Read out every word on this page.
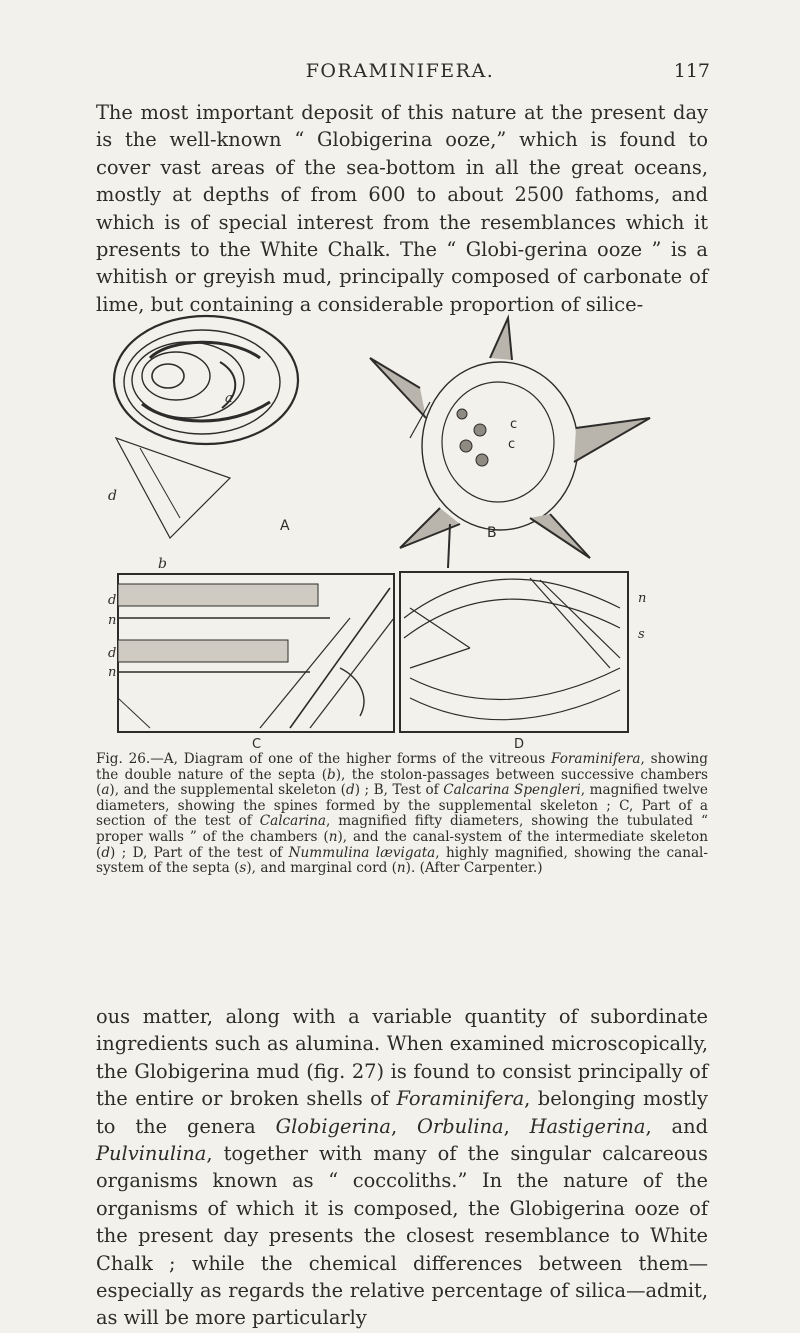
FORAMINIFERA.	117

The most important deposit of this nature at the present day is the well-known “ Globigerina ooze,” which is found to cover vast areas of the sea-bottom in all the great oceans, mostly at depths of from 600 to about 2500 fathoms, and which is of special interest from the resemblances which it presents to the White Chalk. The “ Globi-gerina ooze ” is a whitish or greyish mud, principally composed of carbonate of lime, but containing a considerable proportion of silice-

a
d
A
b
c
c
B
d
n
d
n
C
n
s
D

Fig. 26.—A, Diagram of one of the higher forms of the vitreous Foraminifera, showing the double nature of the septa (b), the stolon-passages between successive chambers (a), and the supplemental skeleton (d) ; B, Test of Calcarina Spengleri, magnified twelve diameters, showing the spines formed by the supplemental skeleton ; C, Part of a section of the test of Calcarina, magnified fifty diameters, showing the tubulated “ proper walls ” of the chambers (n), and the canal-system of the intermediate skeleton (d) ; D, Part of the test of Nummulina lævigata, highly magnified, showing the canal-system of the septa (s), and marginal cord (n). (After Carpenter.)

ous matter, along with a variable quantity of subordinate ingredients such as alumina. When examined microscopically, the Globigerina mud (fig. 27) is found to consist principally of the entire or broken shells of Foraminifera, belonging mostly to the genera Globigerina, Orbulina, Hastigerina, and Pulvinulina, together with many of the singular calcareous organisms known as “ coccoliths.” In the nature of the organisms of which it is composed, the Globigerina ooze of the present day presents the closest resemblance to White Chalk ; while the chemical differences between them—especially as regards the relative percentage of silica—admit, as will be more particularly
